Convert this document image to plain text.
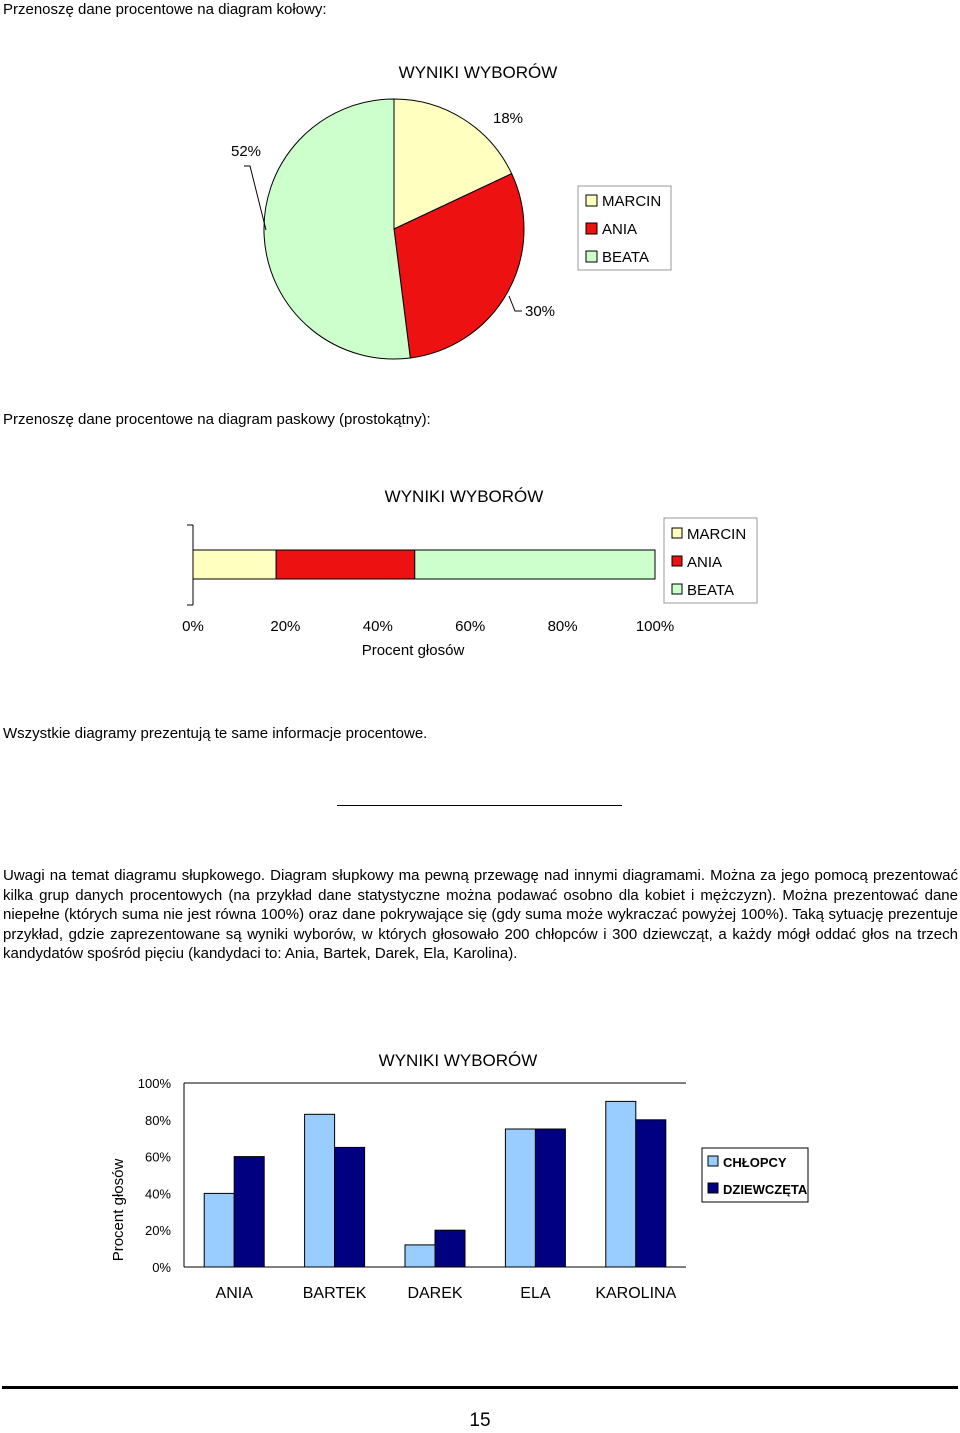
Przenoszę dane procentowe na diagram kołowy:
WYNIKI WYBORÓW
18%
30%
52%
MARCIN
ANIA
BEATA
Przenoszę dane procentowe na diagram paskowy (prostokątny):
WYNIKI WYBORÓW
0%	20%	40%	60%	80%	100%
Procent głosów
MARCIN
ANIA
BEATA
Wszystkie diagramy prezentują te same informacje procentowe.
Uwagi na temat diagramu słupkowego. Diagram słupkowy ma pewną przewagę nad innymi diagramami. Można za jego pomocą prezentować kilka grup danych procentowych (na przykład dane statystyczne można podawać osobno dla kobiet i mężczyzn). Można prezentować dane niepełne (których suma nie jest równa 100%) oraz dane pokrywające się (gdy suma może wykraczać powyżej 100%). Taką sytuację prezentuje przykład, gdzie zaprezentowane są wyniki wyborów, w których głosowało 200 chłopców i 300 dziewcząt, a każdy mógł oddać głos na trzech kandydatów spośród pięciu (kandydaci to: Ania, Bartek, Darek, Ela, Karolina).
WYNIKI WYBORÓW
Procent głosów
0%
20%
40%
60%
80%
100%
ANIA	BARTEK	DAREK	ELA	KAROLINA
CHŁOPCY
DZIEWCZĘTA
15
